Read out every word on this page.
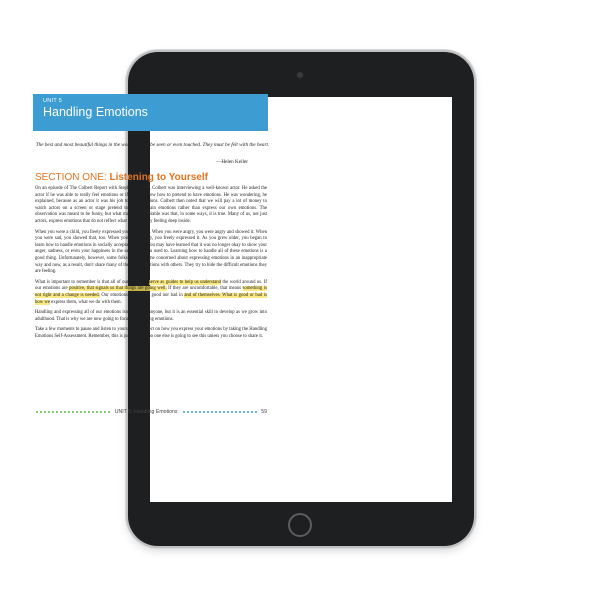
UNIT 5
Handling Emotions
The best and most beautiful things in the world cannot be seen or even touched. They must be felt with the heart.
—Helen Keller
SECTION ONE: Listening to Yourself

On an episode of The Colbert Report with Stephen Colbert, Colbert was interviewing a well-known actor. He asked the actor if he was able to really feel emotions or if he only knew how to pretend to have emotions. He was wondering, he explained, because as an actor it was his job to fake emotions. Colbert then noted that we will pay a lot of money to watch actors on a screen or stage pretend to show certain emotions rather than express our own emotions. The observation was meant to be funny, but what made it memorable was that, in some ways, it is true. Many of us, not just actors, express emotions that do not reflect what we are really feeling deep inside.

When you were a child, you freely expressed your emotions. When you were angry, you were angry and showed it. When you were sad, you showed that, too. When you were happy, you freely expressed it. As you grew older, you began to learn how to handle emotions in socially acceptable ways. You may have learned that it was no longer okay to show your anger, sadness, or even your happiness in the same way you used to. Learning how to handle all of these emotions is a good thing. Unfortunately, however, some folks have become concerned about expressing emotions in an inappropriate way and now, as a result, don't share many of their true emotions with others. They try to hide the difficult emotions they are feeling.

What is important to remember is that all of our emotions serve as guides to help us understand the world around us. If our emotions are positive, that signals us that things are going well. If they are uncomfortable, that means something is not right and a change is needed. Our emotions are neither good nor bad in and of themselves. What is good or bad is how we express them, what we do with them.

Handling and expressing all of our emotions isn't easy for anyone, but it is an essential skill to develop as we grow into adulthood. That is why we are now going to focus on handling emotions.

Take a few moments to pause and listen to yourself and reflect on how you express your emotions by taking the Handling Emotions Self-Assessment. Remember, this is just for you; no one else is going to see this unless you choose to share it.

UNIT 5: Handling Emotions	59
